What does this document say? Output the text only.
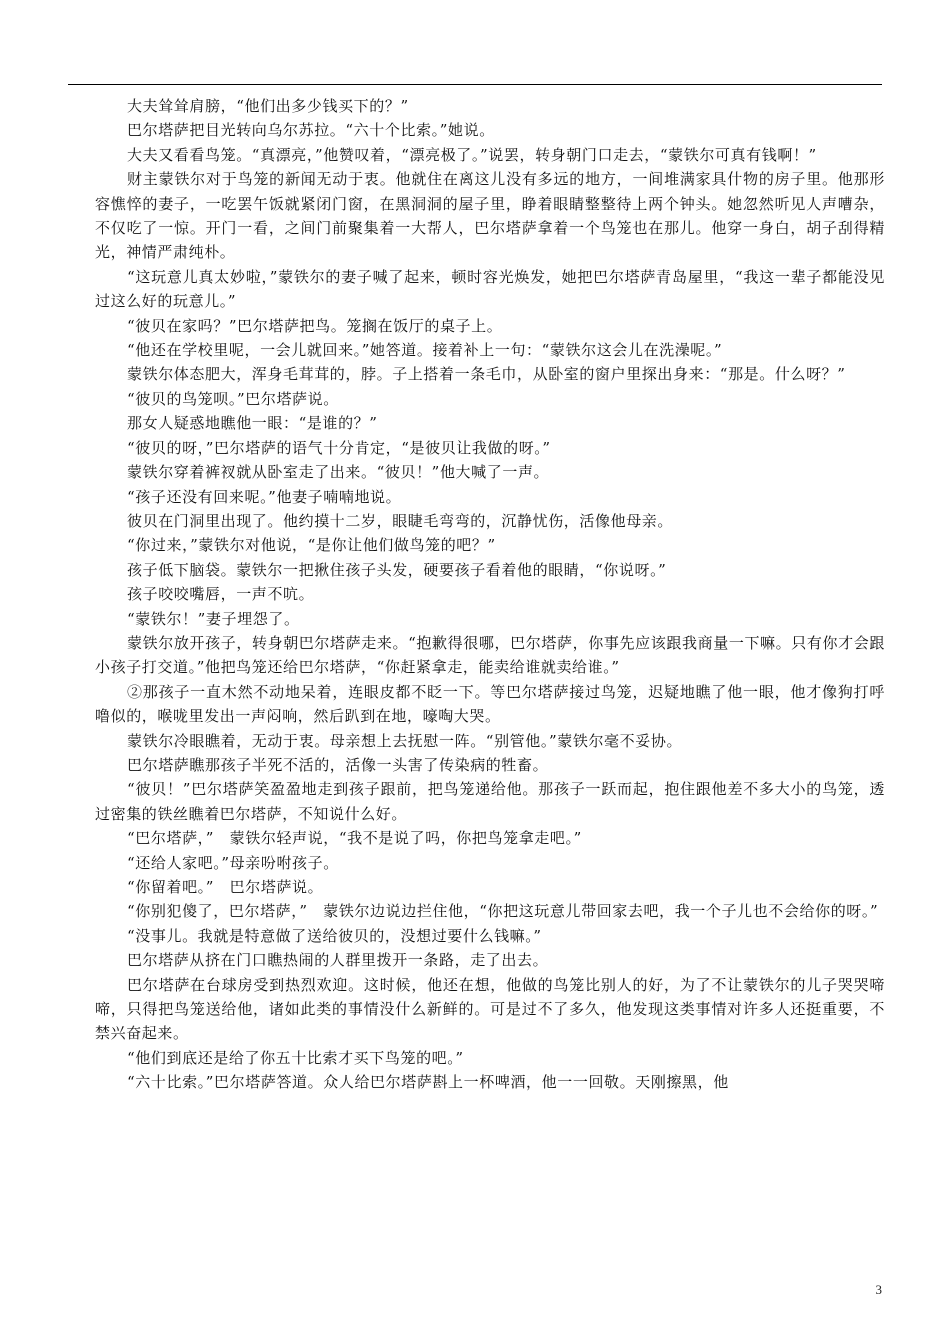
大夫耸耸肩膀，“他们出多少钱买下的？”

巴尔塔萨把目光转向乌尔苏拉。“六十个比索。”她说。

大夫又看看鸟笼。“真漂亮，”他赞叹着，“漂亮极了。”说罢，转身朝门口走去，“蒙铁尔可真有钱啊！”

财主蒙铁尔对于鸟笼的新闻无动于衷。他就住在离这儿没有多远的地方，一间堆满家具什物的房子里。他那形容憔悴的妻子，一吃罢午饭就紧闭门窗，在黑洞洞的屋子里，睁着眼睛整整待上两个钟头。她忽然听见人声嘈杂，不仅吃了一惊。开门一看，之间门前聚集着一大帮人，巴尔塔萨拿着一个鸟笼也在那儿。他穿一身白，胡子刮得精光，神情严肃纯朴。

“这玩意儿真太妙啦，”蒙铁尔的妻子喊了起来，顿时容光焕发，她把巴尔塔萨青岛屋里，“我这一辈子都能没见过这么好的玩意儿。”

“彼贝在家吗？”巴尔塔萨把鸟。笼搁在饭厅的桌子上。

“他还在学校里呢，一会儿就回来。”她答道。接着补上一句：“蒙铁尔这会儿在洗澡呢。”

蒙铁尔体态肥大，浑身毛茸茸的，脖。子上搭着一条毛巾，从卧室的窗户里探出身来：“那是。什么呀？”

“彼贝的鸟笼呗。”巴尔塔萨说。

那女人疑惑地瞧他一眼：“是谁的？”

“彼贝的呀，”巴尔塔萨的语气十分肯定，“是彼贝让我做的呀。”

蒙铁尔穿着裤衩就从卧室走了出来。“彼贝！”他大喊了一声。

“孩子还没有回来呢。”他妻子喃喃地说。

彼贝在门洞里出现了。他约摸十二岁，眼睫毛弯弯的，沉静忧伤，活像他母亲。

“你过来，”蒙铁尔对他说，“是你让他们做鸟笼的吧？”

孩子低下脑袋。蒙铁尔一把揪住孩子头发，硬要孩子看着他的眼睛，“你说呀。”

孩子咬咬嘴唇，一声不吭。

“蒙铁尔！”妻子埋怨了。

蒙铁尔放开孩子，转身朝巴尔塔萨走来。“抱歉得很哪，巴尔塔萨，你事先应该跟我商量一下嘛。只有你才会跟小孩子打交道。”他把鸟笼还给巴尔塔萨，“你赶紧拿走，能卖给谁就卖给谁。”

②那孩子一直木然不动地呆着，连眼皮都不眨一下。等巴尔塔萨接过鸟笼，迟疑地瞧了他一眼，他才像狗打呼噜似的，喉咙里发出一声闷响，然后趴到在地，嚎啕大哭。

蒙铁尔冷眼瞧着，无动于衷。母亲想上去抚慰一阵。“别管他。”蒙铁尔毫不妥协。

巴尔塔萨瞧那孩子半死不活的，活像一头害了传染病的牲畜。

“彼贝！”巴尔塔萨笑盈盈地走到孩子跟前，把鸟笼递给他。那孩子一跃而起，抱住跟他差不多大小的鸟笼，透过密集的铁丝瞧着巴尔塔萨，不知说什么好。

“巴尔塔萨，”　蒙铁尔轻声说，“我不是说了吗，你把鸟笼拿走吧。”

“还给人家吧。”母亲吩咐孩子。

“你留着吧。”　巴尔塔萨说。

“你别犯傻了，巴尔塔萨，”　蒙铁尔边说边拦住他，“你把这玩意儿带回家去吧，我一个子儿也不会给你的呀。”

“没事儿。我就是特意做了送给彼贝的，没想过要什么钱嘛。”

巴尔塔萨从挤在门口瞧热闹的人群里拨开一条路，走了出去。

巴尔塔萨在台球房受到热烈欢迎。这时候，他还在想，他做的鸟笼比别人的好，为了不让蒙铁尔的儿子哭哭啼啼，只得把鸟笼送给他，诸如此类的事情没什么新鲜的。可是过不了多久，他发现这类事情对许多人还挺重要，不禁兴奋起来。

“他们到底还是给了你五十比索才买下鸟笼的吧。”

“六十比索。”巴尔塔萨答道。众人给巴尔塔萨斟上一杯啤酒，他一一回敬。天刚擦黑，他

3
